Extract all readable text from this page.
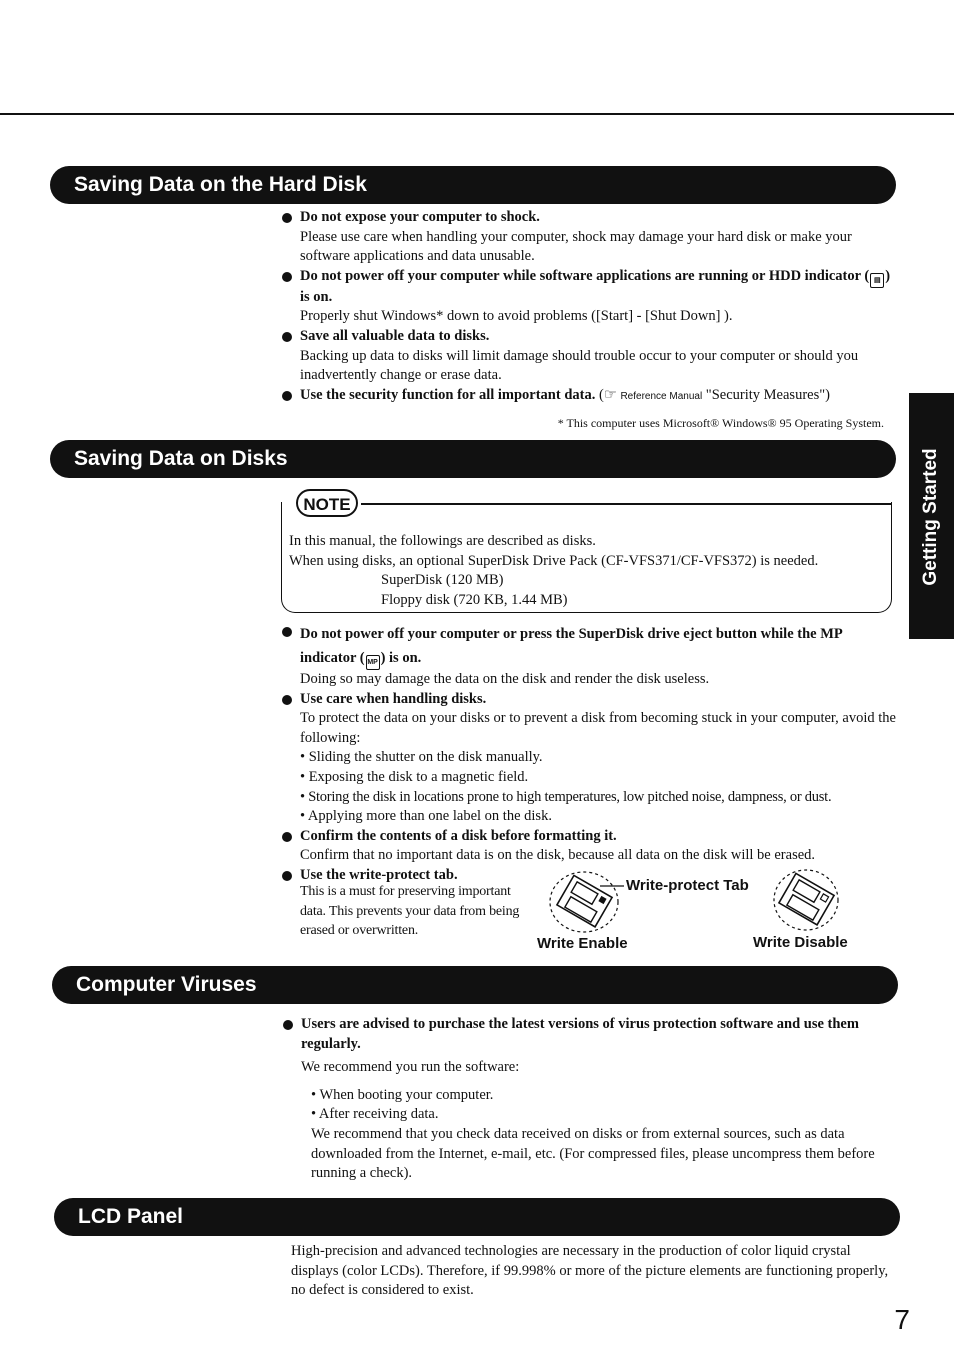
Getting Started
Saving Data on the Hard Disk
Do not expose your computer to shock.
Please use care when handling your computer, shock may damage your hard disk or make your software applications and data unusable.
Do not power off your computer while software applications are running or HDD indicator ( ▤ ) is on.
Properly shut Windows* down to avoid problems ([Start] - [Shut Down] ).
Save all valuable data to disks.
Backing up data to disks will limit damage should trouble occur to your computer or should you inadvertently change or erase data.
Use the security function for all important data. (☞ Reference Manual "Security Measures")
* This computer uses Microsoft® Windows® 95 Operating System.
Saving Data on Disks
NOTE
In this manual, the followings are described as disks.
When using disks, an optional SuperDisk Drive Pack (CF-VFS371/CF-VFS372) is needed.
SuperDisk (120 MB)
Floppy disk (720 KB, 1.44 MB)
Do not power off your computer or press the SuperDisk drive eject button while the MP indicator ( MP ) is on.
Doing so may damage the data on the disk and render the disk useless.
Use care when handling disks.
To protect the data on your disks or to prevent a disk from becoming stuck in your computer, avoid the following:
• Sliding the shutter on the disk manually.
• Exposing the disk to a magnetic field.
• Storing the disk in locations prone to high temperatures, low pitched noise, dampness, or dust.
• Applying more than one label on the disk.
Confirm the contents of a disk before formatting it.
Confirm that no important data is on the disk, because all data on the disk will be erased.
Use the write-protect tab.
This is a must for preserving important data. This prevents your data from being erased or overwritten.
Write-protect Tab
Write Enable	Write Disable
Computer Viruses
Users are advised to purchase the latest versions of virus protection software and use them regularly.
We recommend you run the software:
• When booting your computer.
• After receiving data.
We recommend that you check data received on disks or from external sources, such as data downloaded from the Internet, e-mail, etc. (For compressed files, please uncompress them before running a check).
LCD Panel
High-precision and advanced technologies are necessary in the production of color liquid crystal displays (color LCDs). Therefore, if 99.998% or more of the picture elements are functioning properly, no defect is considered to exist.
7
